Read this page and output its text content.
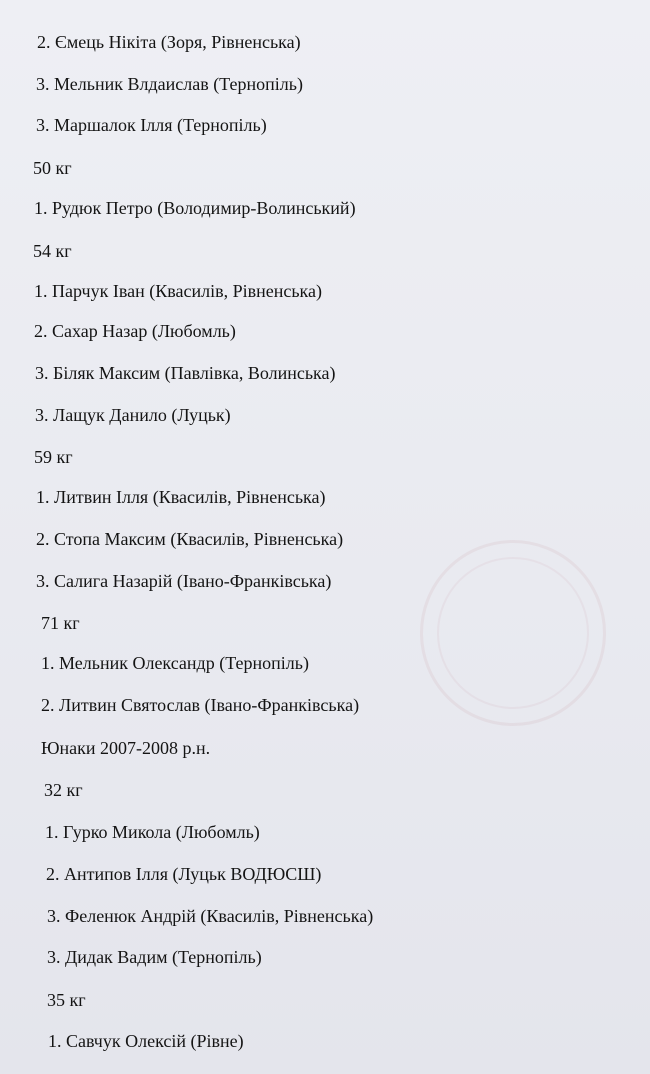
2. Ємець Нікіта (Зоря, Рівненська)
3. Мельник Влдаислав (Тернопіль)
3. Маршалок Ілля (Тернопіль)
50 кг
1. Рудюк Петро (Володимир-Волинський)
54 кг
1. Парчук Іван (Квасилів, Рівненська)
2. Сахар Назар (Любомль)
3. Біляк Максим (Павлівка, Волинська)
3. Лащук Данило (Луцьк)
59 кг
1. Литвин Ілля (Квасилів, Рівненська)
2. Стопа Максим (Квасилів, Рівненська)
3. Салига Назарій (Івано-Франківська)
71 кг
1. Мельник Олександр (Тернопіль)
2. Литвин Святослав (Івано-Франківська)
Юнаки 2007-2008 р.н.
32 кг
1. Гурко Микола (Любомль)
2. Антипов Ілля (Луцьк ВОДЮСШ)
3. Феленюк Андрій (Квасилів, Рівненська)
3. Дидак Вадим (Тернопіль)
35 кг
1. Савчук Олексій (Рівне)
